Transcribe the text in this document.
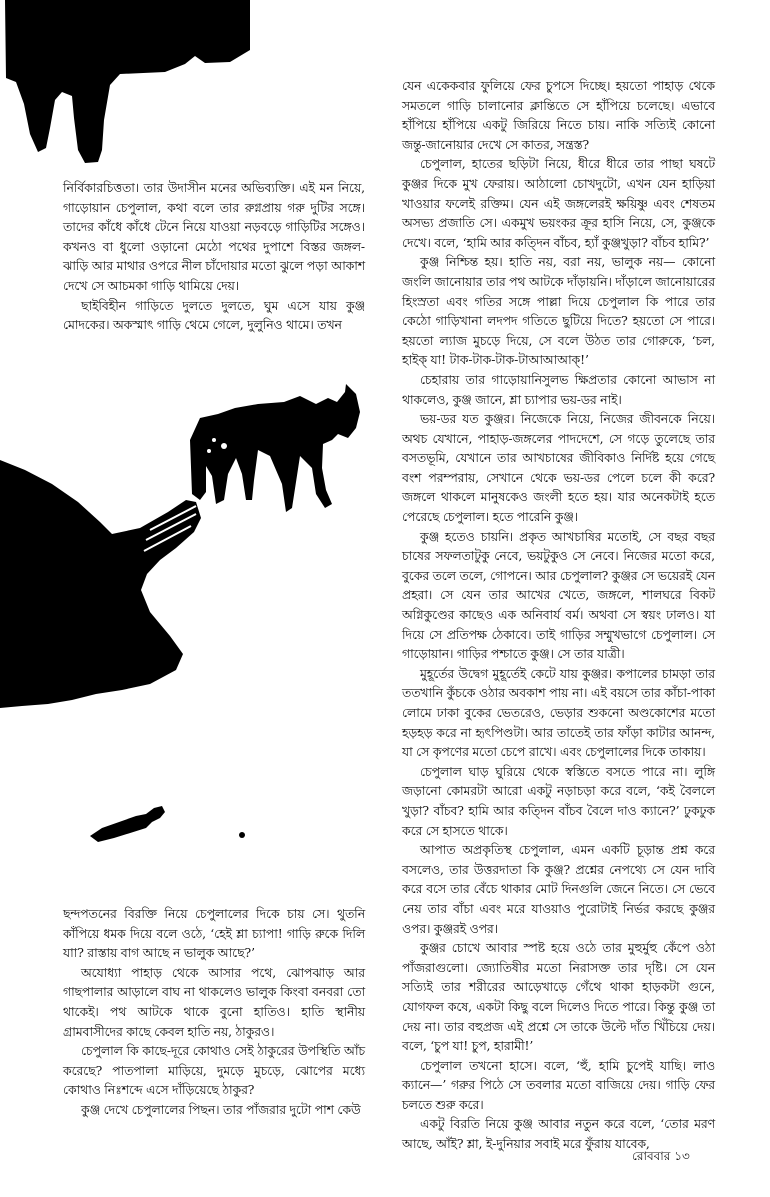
নির্বিকারচিত্ততা। তার উদাসীন মনের অভিব্যক্তি। এই মন নিয়ে, গাড়োয়ান চেপুলাল, কথা বলে তার রুগ্নপ্রায় গরু দুটির সঙ্গে। তাদের কাঁধে কাঁধে টেনে নিয়ে যাওয়া নড়বড়ে গাড়িটির সঙ্গেও। কখনও বা ধুলো ওড়ানো মেঠো পথের দুপাশে বিস্তর জঙ্গল-ঝাড়ি আর মাথার ওপরে নীল চাঁদোয়ার মতো ঝুলে পড়া আকাশ দেখে সে আচমকা গাড়ি থামিয়ে দেয়।

ছাইবিহীন গাড়িতে দুলতে দুলতে, ঘুম এসে যায় কুঞ্জ মোদকের। অকস্মাৎ গাড়ি থেমে গেলে, দুলুনিও থামে। তখন

ছন্দপতনের বিরক্তি নিয়ে চেপুলালের দিকে চায় সে। থুতনি কাঁপিয়ে ধমক দিয়ে বলে ওঠে, ‘হেই শ্লা চ্যাপা! গাড়ি রুকে দিলি যাা? রাস্তায় বাগ আছে ন ভালুক আছে?’

অযোধ্যা পাহাড় থেকে আসার পথে, ঝোপঝাড় আর গাছপালার আড়ালে বাঘ না থাকলেও ভালুক কিংবা বনবরা তো থাকেই। পথ আটকে থাকে বুনো হাতিও। হাতি স্থানীয় গ্রামবাসীদের কাছে কেবল হাতি নয়, ঠাকুরও।

চেপুলাল কি কাছে-দূরে কোথাও সেই ঠাকুরের উপস্থিতি আঁচ করেছে? পাতপালা মাড়িয়ে, দুমড়ে মুচড়ে, ঝোপের মধ্যে কোথাও নিঃশব্দে এসে দাঁড়িয়েছে ঠাকুর?

কুঞ্জ দেখে চেপুলালের পিছন। তার পাঁজরার দুটো পাশ কেউ

যেন একেকবার ফুলিয়ে ফের চুপসে দিচ্ছে। হয়তো পাহাড় থেকে সমতলে গাড়ি চালানোর ক্লান্তিতে সে হাঁপিয়ে চলেছে। এভাবে হাঁপিয়ে হাঁপিয়ে একটু জিরিয়ে নিতে চায়। নাকি সত্যিই কোনো জন্তু-জানোয়ার দেখে সে কাতর, সন্ত্রস্ত?

চেপুলাল, হাতের ছড়িটা নিয়ে, ধীরে ধীরে তার পাছা ঘষটে কুঞ্জর দিকে মুখ ফেরায়। আঠালো চোখদুটো, এখন যেন হাড়িয়া খাওয়ার ফলেই রক্তিম। যেন এই জঙ্গলেরই ক্ষয়িষ্ণু এবং শেষতম অসভ্য প্রজাতি সে। একমুখ ভয়ংকর ক্রূর হাসি নিয়ে, সে, কুঞ্জকে দেখে। বলে, ‘হামি আর কত্দিন বাঁচব, হ্যাঁ কুঞ্জখুড়া? বাঁচব হামি?’

কুঞ্জ নিশ্চিন্ত হয়। হাতি নয়, বরা নয়, ভালুক নয়— কোনো জংলি জানোয়ার তার পথ আটকে দাঁড়ায়নি। দাঁড়ালে জানোয়ারের হিংস্রতা এবং গতির সঙ্গে পাল্লা দিয়ে চেপুলাল কি পারে তার কেঠো গাড়িখানা লদপদ গতিতে ছুটিয়ে দিতে? হয়তো সে পারে। হয়তো ল্যাজ মুচড়ে দিয়ে, সে বলে উঠত তার গোরুকে, ‘চল, হাইক্ যা! টাক-টাক-টাক-টাআআআক্!’

চেহারায় তার গাড়োয়ানিসুলভ ক্ষিপ্রতার কোনো আভাস না থাকলেও, কুঞ্জ জানে, শ্লা চ্যাপার ভয়-ডর নাই।

ভয়-ডর যত কুঞ্জর। নিজেকে নিয়ে, নিজের জীবনকে নিয়ে। অথচ যেখানে, পাহাড়-জঙ্গলের পাদদেশে, সে গড়ে তুলেছে তার বসতভূমি, যেখানে তার আখচাষের জীবিকাও নির্দিষ্ট হয়ে গেছে বংশ পরম্পরায়, সেখানে থেকে ভয়-ডর পেলে চলে কী করে? জঙ্গলে থাকলে মানুষকেও জংলী হতে হয়। যার অনেকটাই হতে পেরেছে চেপুলাল। হতে পারেনি কুঞ্জ।

কুঞ্জ হতেও চায়নি। প্রকৃত আখচাষির মতোই, সে বছর বছর চাষের সফলতাটুকু নেবে, ভয়টুকুও সে নেবে। নিজের মতো করে, বুকের তলে তলে, গোপনে। আর চেপুলাল? কুঞ্জর সে ভয়েরই যেন প্রহরা। সে যেন তার আখের খেতে, জঙ্গলে, শালঘরে বিকট অগ্নিকুণ্ডের কাছেও এক অনিবার্য বর্ম। অথবা সে স্বয়ং ঢালও। যা দিয়ে সে প্রতিপক্ষ ঠেকাবে। তাই গাড়ির সম্মুখভাগে চেপুলাল। সে গাড়োয়ান। গাড়ির পশ্চাতে কুঞ্জ। সে তার যাত্রী।

মুহূর্তের উদ্বেগ মুহূর্তেই কেটে যায় কুঞ্জর। কপালের চামড়া তার ততখানি কুঁচকে ওঠার অবকাশ পায় না। এই বয়সে তার কাঁচা-পাকা লোমে ঢাকা বুকের ভেতরেও, ভেড়ার শুকনো অণ্ডকোশের মতো হড়হড় করে না হৃৎপিণ্ডটা। আর তাতেই তার ফাঁড়া কাটার আনন্দ, যা সে কৃপণের মতো চেপে রাখে। এবং চেপুলালের দিকে তাকায়।

চেপুলাল ঘাড় ঘুরিয়ে থেকে স্বস্তিতে বসতে পারে না। লুঙ্গি জড়ানো কোমরটা আরো একটু নড়াচড়া করে বলে, ‘কই বৈললে খুড়া? বাঁচব? হামি আর কত্দিন বাঁচব বৈলে দাও ক্যানে?’ ঢুকঢুক করে সে হাসতে থাকে।

আপাত অপ্রকৃতিস্থ চেপুলাল, এমন একটি চূড়ান্ত প্রশ্ন করে বসলেও, তার উত্তরদাতা কি কুঞ্জ? প্রশ্নের নেপথ্যে সে যেন দাবি করে বসে তার বেঁচে থাকার মোট দিনগুলি জেনে নিতে। সে ভেবে নেয় তার বাঁচা এবং মরে যাওয়াও পুরোটাই নির্ভর করছে কুঞ্জর ওপর। কুঞ্জরই ওপর।

কুঞ্জর চোখে আবার স্পষ্ট হয়ে ওঠে তার মুহুর্মুহু কেঁপে ওঠা পাঁজরাগুলো। জ্যোতিষীর মতো নিরাসক্ত তার দৃষ্টি। সে যেন সত্যিই তার শরীরের আড়েখাড়ে গেঁথে থাকা হাড়কটা গুনে, যোগফল কষে, একটা কিছু বলে দিলেও দিতে পারে। কিন্তু কুঞ্জ তা দেয় না। তার বহুপ্রজ এই প্রশ্নে সে তাকে উল্টে দাঁত খিঁচিয়ে দেয়। বলে, ‘চুপ যা! চুপ, হারামী!’

চেপুলাল তখনো হাসে। বলে, ‘হুঁ, হামি চুপেই যাছি। লাও ক্যানে—’ গরুর পিঠে সে তবলার মতো বাজিয়ে দেয়। গাড়ি ফের চলতে শুরু করে।

একটু বিরতি নিয়ে কুঞ্জ আবার নতুন করে বলে, ‘তোর মরণ আছে, আঁই? শ্লা, ই-দুনিয়ার সবাই মরে ফুঁরায় যাবেক,

রোববার ১৩
